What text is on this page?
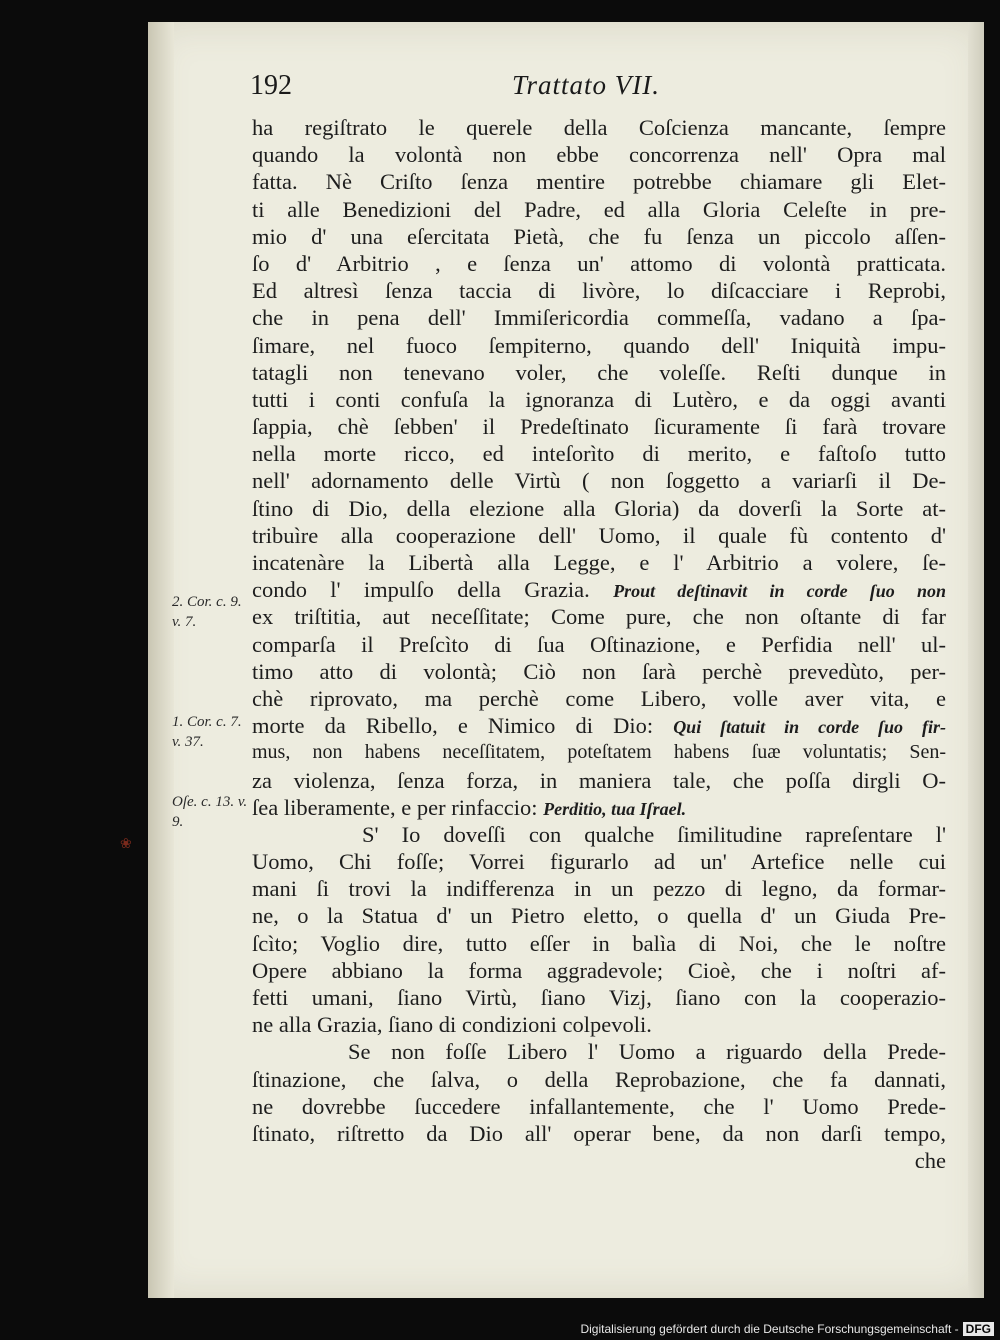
192	Trattato VII.
2. Cor. c. 9. v. 7.
1. Cor. c. 7. v. 37.
Oſe. c. 13. v. 9.
❀
ha regiſtrato le querele della Coſcienza mancante, ſempre
quando la volontà non ebbe concorrenza nell' Opra mal
fatta. Nè Criſto ſenza mentire potrebbe chiamare gli Elet-
ti alle Benedizioni del Padre, ed alla Gloria Celeſte in pre-
mio d' una eſercitata Pietà, che fu ſenza un piccolo aſſen-
ſo d' Arbitrio , e ſenza un' attomo di volontà pratticata.
Ed altresì ſenza taccia di livòre, lo diſcacciare i Reprobi,
che in pena dell' Immiſericordia commeſſa, vadano a ſpa-
ſimare, nel fuoco ſempiterno, quando dell' Iniquità impu-
tatagli non tenevano voler, che voleſſe. Reſti dunque in
tutti i conti confuſa la ignoranza di Lutèro, e da oggi avanti
ſappia, chè ſebben' il Predeſtinato ſicuramente ſi farà trovare
nella morte ricco, ed inteſorìto di merito, e faſtoſo tutto
nell' adornamento delle Virtù ( non ſoggetto a variarſi il De-
ſtino di Dio, della elezione alla Gloria) da doverſi la Sorte at-
tribuìre alla cooperazione dell' Uomo, il quale fù contento d'
incatenàre la Libertà alla Legge, e l' Arbitrio a volere, ſe-
condo l' impulſo della Grazia. Prout deſtinavit in corde ſuo non
ex triſtitia, aut neceſſitate; Come pure, che non oſtante di far
comparſa il Preſcìto di ſua Oſtinazione, e Perfidia nell' ul-
timo atto di volontà; Ciò non ſarà perchè prevedùto, per-
chè riprovato, ma perchè come Libero, volle aver vita, e
morte da Ribello, e Nimico di Dio: Qui ſtatuit in corde ſuo fir-
mus, non habens neceſſitatem, poteſtatem habens ſuæ voluntatis; Sen-
za violenza, ſenza forza, in maniera tale, che poſſa dirgli O-
ſea liberamente, e per rinfaccio: Perditio, tua Iſrael.
S' Io doveſſi con qualche ſimilitudine rapreſentare l'
Uomo, Chi foſſe; Vorrei figurarlo ad un' Artefice nelle cui
mani ſi trovi la indifferenza in un pezzo di legno, da formar-
ne, o la Statua d' un Pietro eletto, o quella d' un Giuda Pre-
ſcìto; Voglio dire, tutto eſſer in balìa di Noi, che le noſtre
Opere abbiano la forma aggradevole; Cioè, che i noſtri af-
fetti umani, ſiano Virtù, ſiano Vizj, ſiano con la cooperazio-
ne alla Grazia, ſiano di condizioni colpevoli.
Se non foſſe Libero l' Uomo a riguardo della Prede-
ſtinazione, che ſalva, o della Reprobazione, che fa dannati,
ne dovrebbe ſuccedere infallantemente, che l' Uomo Prede-
ſtinato, riſtretto da Dio all' operar bene, da non darſi tempo,
che
Digitalisierung gefördert durch die Deutsche Forschungsgemeinschaft - DFG
